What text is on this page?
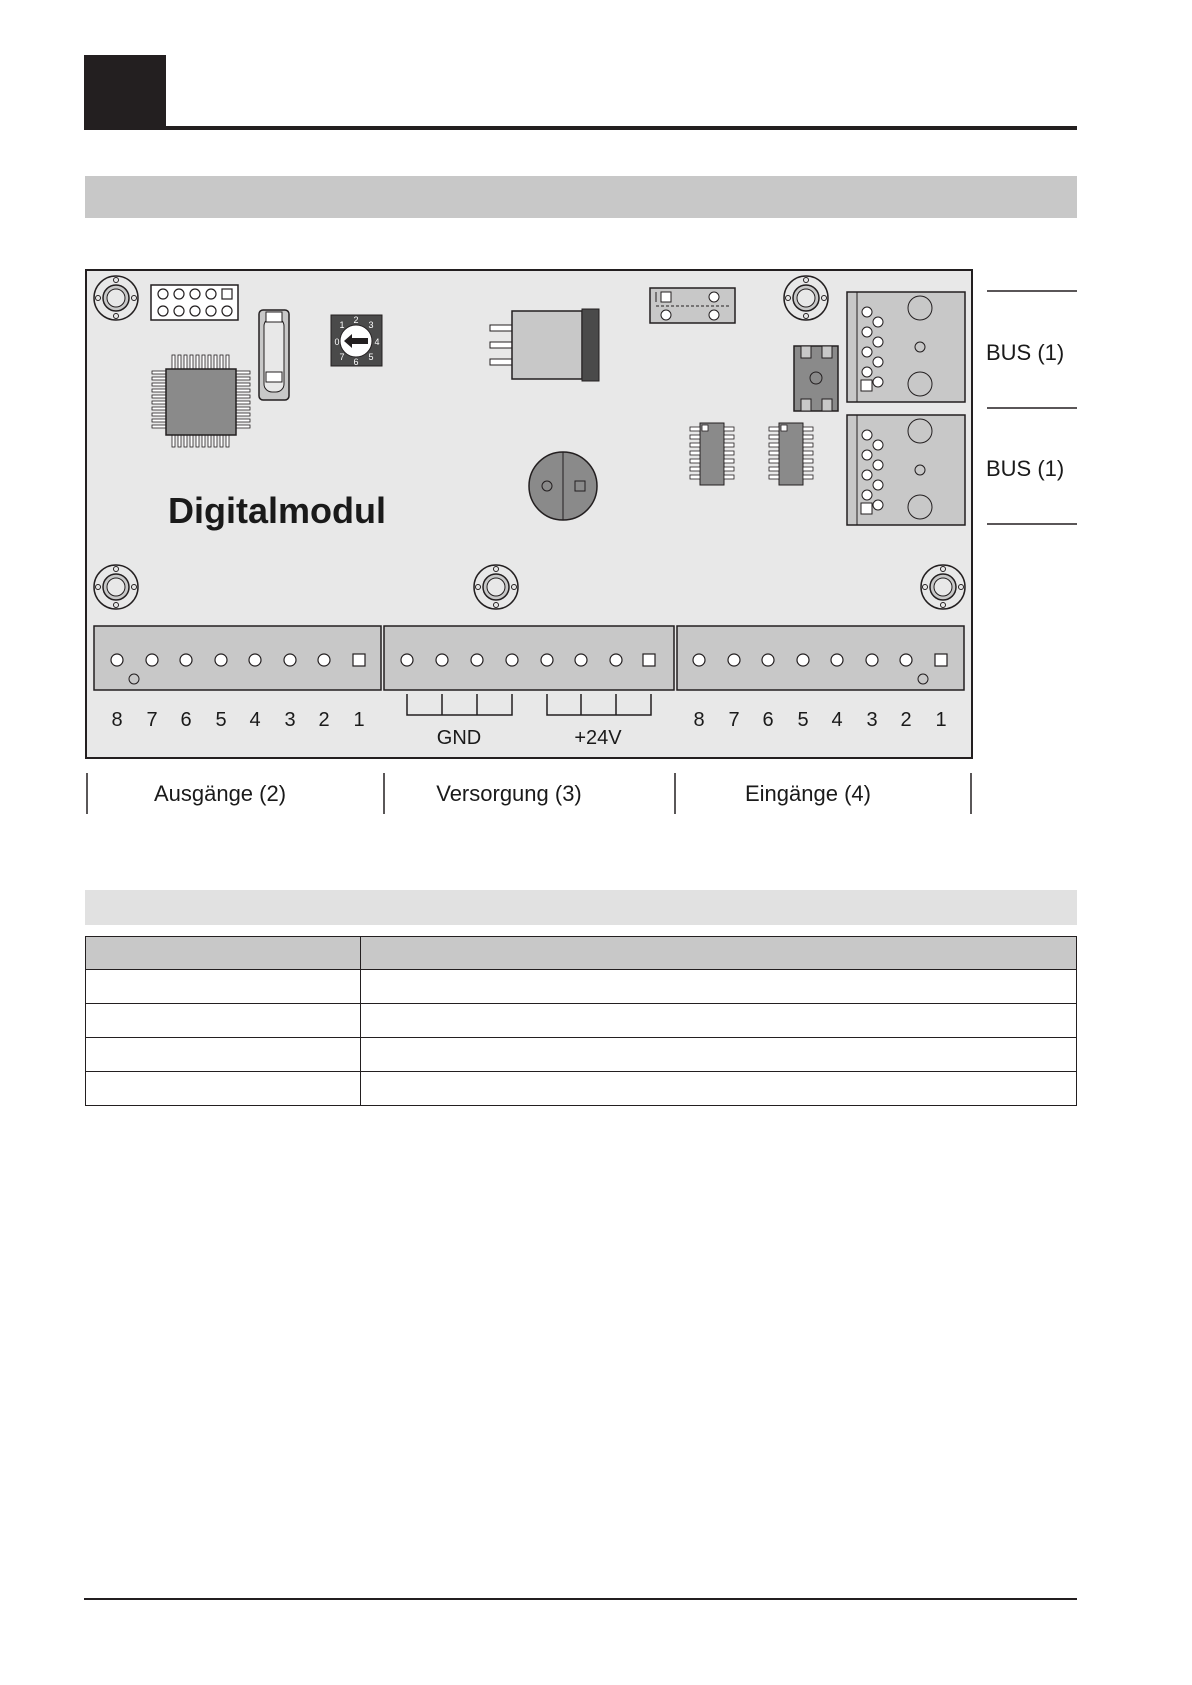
1 2 3
4
5
6
7
0	BUS (1)
BUS (1)
Digitalmodul
8 7 6 5 4 3 2 1	8 7 6 5 4 3 2 1
GND	+24V
Ausgänge (2)	Versorgung (3)	Eingänge (4)
